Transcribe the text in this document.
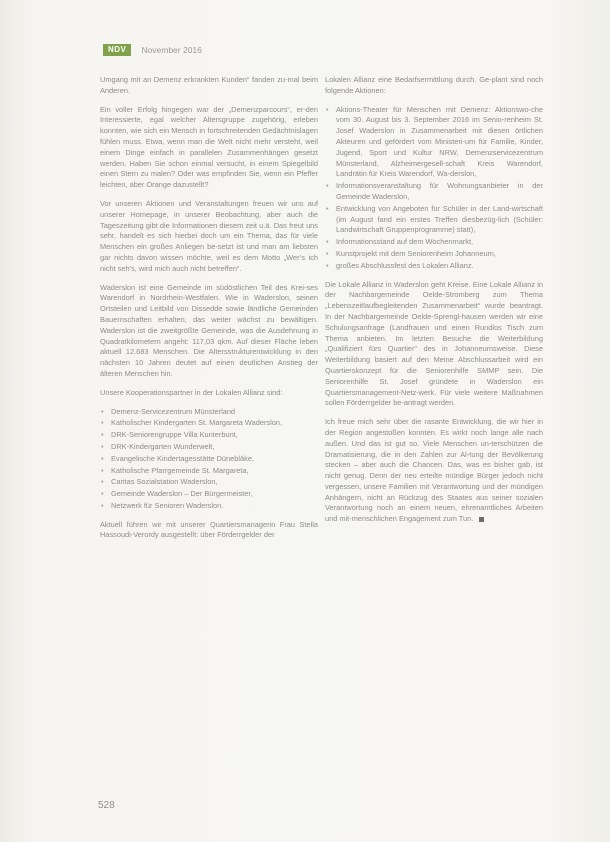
NDV	November 2016

Umgang mit an Demenz erkrankten Kunden“ fanden zu-mal beim Anderen.

Ein voller Erfolg hingegen war der „Demenzparcours“, er-den Interessierte, egal welcher Altersgruppe zugehörig, erleben konnten, wie sich ein Mensch in fortschreitenden Gedächtnislagen fühlen muss. Etwa, wenn man die Welt nicht mehr versteht, weil einem Dinge einfach in parallelen Zusammenhängen gesetzt werden. Haben Sie schon einmal versucht, in einem Spiegelbild einen Stern zu malen? Oder was empfinden Sie, wenn ein Pfeffer leichten, aber Orange dazustellt?

Vor unseren Aktionen und Veranstaltungen freuen wir uns auf unserer Homepage, in unserer Beobachtung, aber auch die Tageszeitung gibt die Informationen diesem zeit u.ä. Das freut uns sehr, handelt es sich hierbei doch um ein Thema, das für viele Menschen ein großes Anliegen be-setzt ist und man am liebsten gar nichts davon wissen möchte, weil es dem Motto „Wer’s ich nicht seh’s, wird mich auch nicht betreffen“.

Waderslon ist eine Gemeinde im südöstlichen Teil des Krei-ses Warendorf in Nordrhein-Westfalen. Wie in Waderslon, seinen Ortsteilen und Leitbild von Dissedde sowie ländliche Gemeinden Bauernschaften erhalten, das weiter wächst zu bewältigen. Waderslon ist die zweitgrößte Gemeinde, was die Ausdehnung in Quadratkilometern angeht: 117,03 qkm. Auf dieser Fläche leben aktuell 12.683 Menschen. Die Altersstrukturentwicklung in den nächsten 10 Jahren deutet auf einen deutlichen Anstieg der älteren Menschen hin.

Unsere Kooperationspartner in der Lokalen Allianz sind:

• Demenz-Servicezentrum Münsterland
• Katholischer Kindergarten St. Margareta Waderslon,
• DRK-Seniorengruppe Villa Kunterbunt,
• DRK-Kindergarten Wunderwelt,
• Evangelische Kindertagesstätte Dünebläke,
• Katholische Pfarrgemeinde St. Margareta,
• Caritas Sozialstation Waderslon,
• Gemeinde Waderslon – Der Bürgermeister,
• Netzwerk für Senioren Waderslon.

Aktuell führen wir mit unserer Quartiersmanagerin Frau Stella Hassoudi-Verordy ausgestellt: über Förderrgelder der

Lokalen Allianz eine Bedarfsermittlung durch. Ge-plant sind noch folgende Aktionen:

• Aktions-Theater für Menschen mit Demenz: Aktionswo-che vom 30. August bis 3. September 2016 im Senio-renheim St. Josef Waderslon in Zusammenarbeit mit diesen örtlichen Akteuren und gefördert vom Ministeri-um für Familie, Kinder, Jugend, Sport und Kultur NRW, Demenzservicezentrum Münsterland, Alzheimergesell-schaft Kreis Warendorf, Landrätin für Kreis Warendorf, Wa-derslon,
• Informationsveranstaltung für Wohnungsanbieter in der Gemeinde Waderslon,
• Entwicklung von Angeboten für Schüler in der Land-wirtschaft (im August fand ein erstes Treffen diesbezüg-lich (Schüler: Landwirtschaft Gruppenprogramme) statt),
• Informationsstand auf dem Wochenmarkt,
• Kunstprojekt mit dem Seniorenheim Johanneum,
• großes Abschlussfest des Lokalen Allianz.

Die Lokale Allianz in Waderslon geht Kreise. Eine Lokale Allianz in der Nachbargemeinde Oelde-Stromberg zum Thema „Lebenszeitlaufbegleitenden Zusammenarbeit“ wurde beantragt. In der Nachbargemeinde Oelde-Sprengl-hausen werden wir eine Schulungsanfrage (Landfrauen und einen Rundlos Tisch zum Thema anbieten. Im letzten Besuche die Weiterbildung „Qualifiziert fürs Quartier“ des in Johanneumsweise. Diese Weiterbildung basiert auf den Meine Abschlussarbeit wird ein Quartierskonzept für die Seniorenhilfe SMMP sein. Die Seniorenhilfe St. Josef gründete in Waderslon ein Quartiersmanagement-Netz-werk. Für viele weitere Maßnahmen sollen Förderrgelder be-antragt werden.

Ich freue mich sehr über die rasante Entwicklung, die wir hier in der Region angestoßen konnten. Es wirkt noch lange alle nach außen. Und das ist gut so. Viele Menschen un-terschützen die Dramatisierung, die in den Zahlen zur Al-tung der Bevölkerung stecken – aber auch die Chancen. Das, was es bisher gab, ist nicht genug. Denn der neu erteilte mündige Bürger jedoch nicht vergessen, unsere Familien mit Verantwortung und der mündigen Anhängern, nicht an Rückzug des Staates aus seiner sozialen Verantwortung noch an einem neuen, ehrenamtliches Arbeiten und mit-menschlichen Engagement zum Tun.

528
